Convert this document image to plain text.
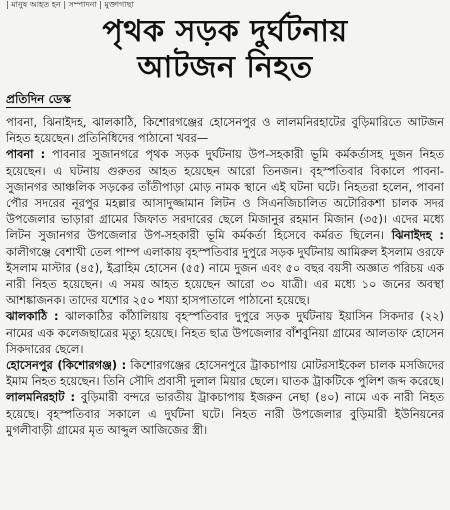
| মানুষ আহত হন | সম্পাদনা | মুক্তাগাছা
পৃথক সড়ক দুর্ঘটনায়
আটজন নিহত
প্রতিদিন ডেস্ক

পাবনা, ঝিনাইদহ, ঝালকাঠি, কিশোরগঞ্জের হোসেনপুর ও লালমনিরহাটের বুড়িমারিতে আটজন নিহত হয়েছেন। প্রতিনিধিদের পাঠানো খবর—

পাবনা : পাবনার সুজানগরে পৃথক সড়ক দুর্ঘটনায় উপ-সহকারী ভূমি কর্মকর্তাসহ দুজন নিহত হয়েছেন। এ ঘটনায় গুরুতর আহত হয়েছেন আরো তিনজন। বৃহস্পতিবার বিকালে পাবনা-সুজানগর আঞ্চলিক সড়কের তাঁতীপাড়া মোড় নামক স্থানে এই ঘটনা ঘটে। নিহতরা হলেন, পাবনা পৌর সদরের নূরপুর মহল্লার আসাদুজ্জামান লিটন ও সিএনজিচালিত অটোরিকশা চালক সদর উপজেলার ভাড়ারা গ্রামের জিফাত সরদারের ছেলে মিজানুর রহমান মিজান (৩৫)। এদের মধ্যে লিটন সুজানগর উপজেলার উপ-সহকারী ভূমি কর্মকর্তা হিসেবে কর্মরত ছিলেন। ঝিনাইদহ : কালীগঞ্জে বেশাখী তেল পাম্প এলাকায় বৃহস্পতিবার দুপুরে সড়ক দুর্ঘটনায় আমিরুল ইসলাম ওরফে ইসলাম মাস্টার (৪৫), ইব্রাহিম হোসেন (৫৫) নামে দুজন এবং ৫০ বছর বয়সী অজ্ঞাত পরিচয় এক নারী নিহত হয়েছেন। এ সময় আহত হয়েছেন আরো ৩০ যাত্রী। এর মধ্যে ১০ জনের অবস্থা আশঙ্কাজনক। তাদের যশোর ২৫০ শয্যা হাসপাতালে পাঠানো হয়েছে।

ঝালকাঠি : ঝালকাঠির কাঁঠালিয়ায় বৃহস্পতিবার দুপুরে সড়ক দুর্ঘটনায় ইয়াসিন সিকদার (২২) নামের এক কলেজছাত্রের মৃত্যু হয়েছে। নিহত ছাত্র উপজেলার বাঁশবুনিয়া গ্রামের আলতাফ হোসেন সিকদারের ছেলে।

হোসেনপুর (কিশোরগঞ্জ) : কিশোরগঞ্জের হোসেনপুরে ট্রাকচাপায় মোটরসাইকেল চালক মসজিদের ইমাম নিহত হয়েছেন। তিনি সৌদি প্রবাসী দুলাল মিয়ার ছেলে। ঘাতক ট্রাকটিকে পুলিশ জব্দ করেছে। লালমনিরহাট : বুড়িমারী বন্দরে ভারতীয় ট্রাকচাপায় ইজরুন নেছা (৪০) নামে এক নারী নিহত হয়েছে। বৃহস্পতিবার সকালে এ দুর্ঘটনা ঘটে। নিহত নারী উপজেলার বুড়িমারী ইউনিয়নের মুগলীবাড়ী গ্রামের মৃত আব্দুল আজিজের স্ত্রী।
